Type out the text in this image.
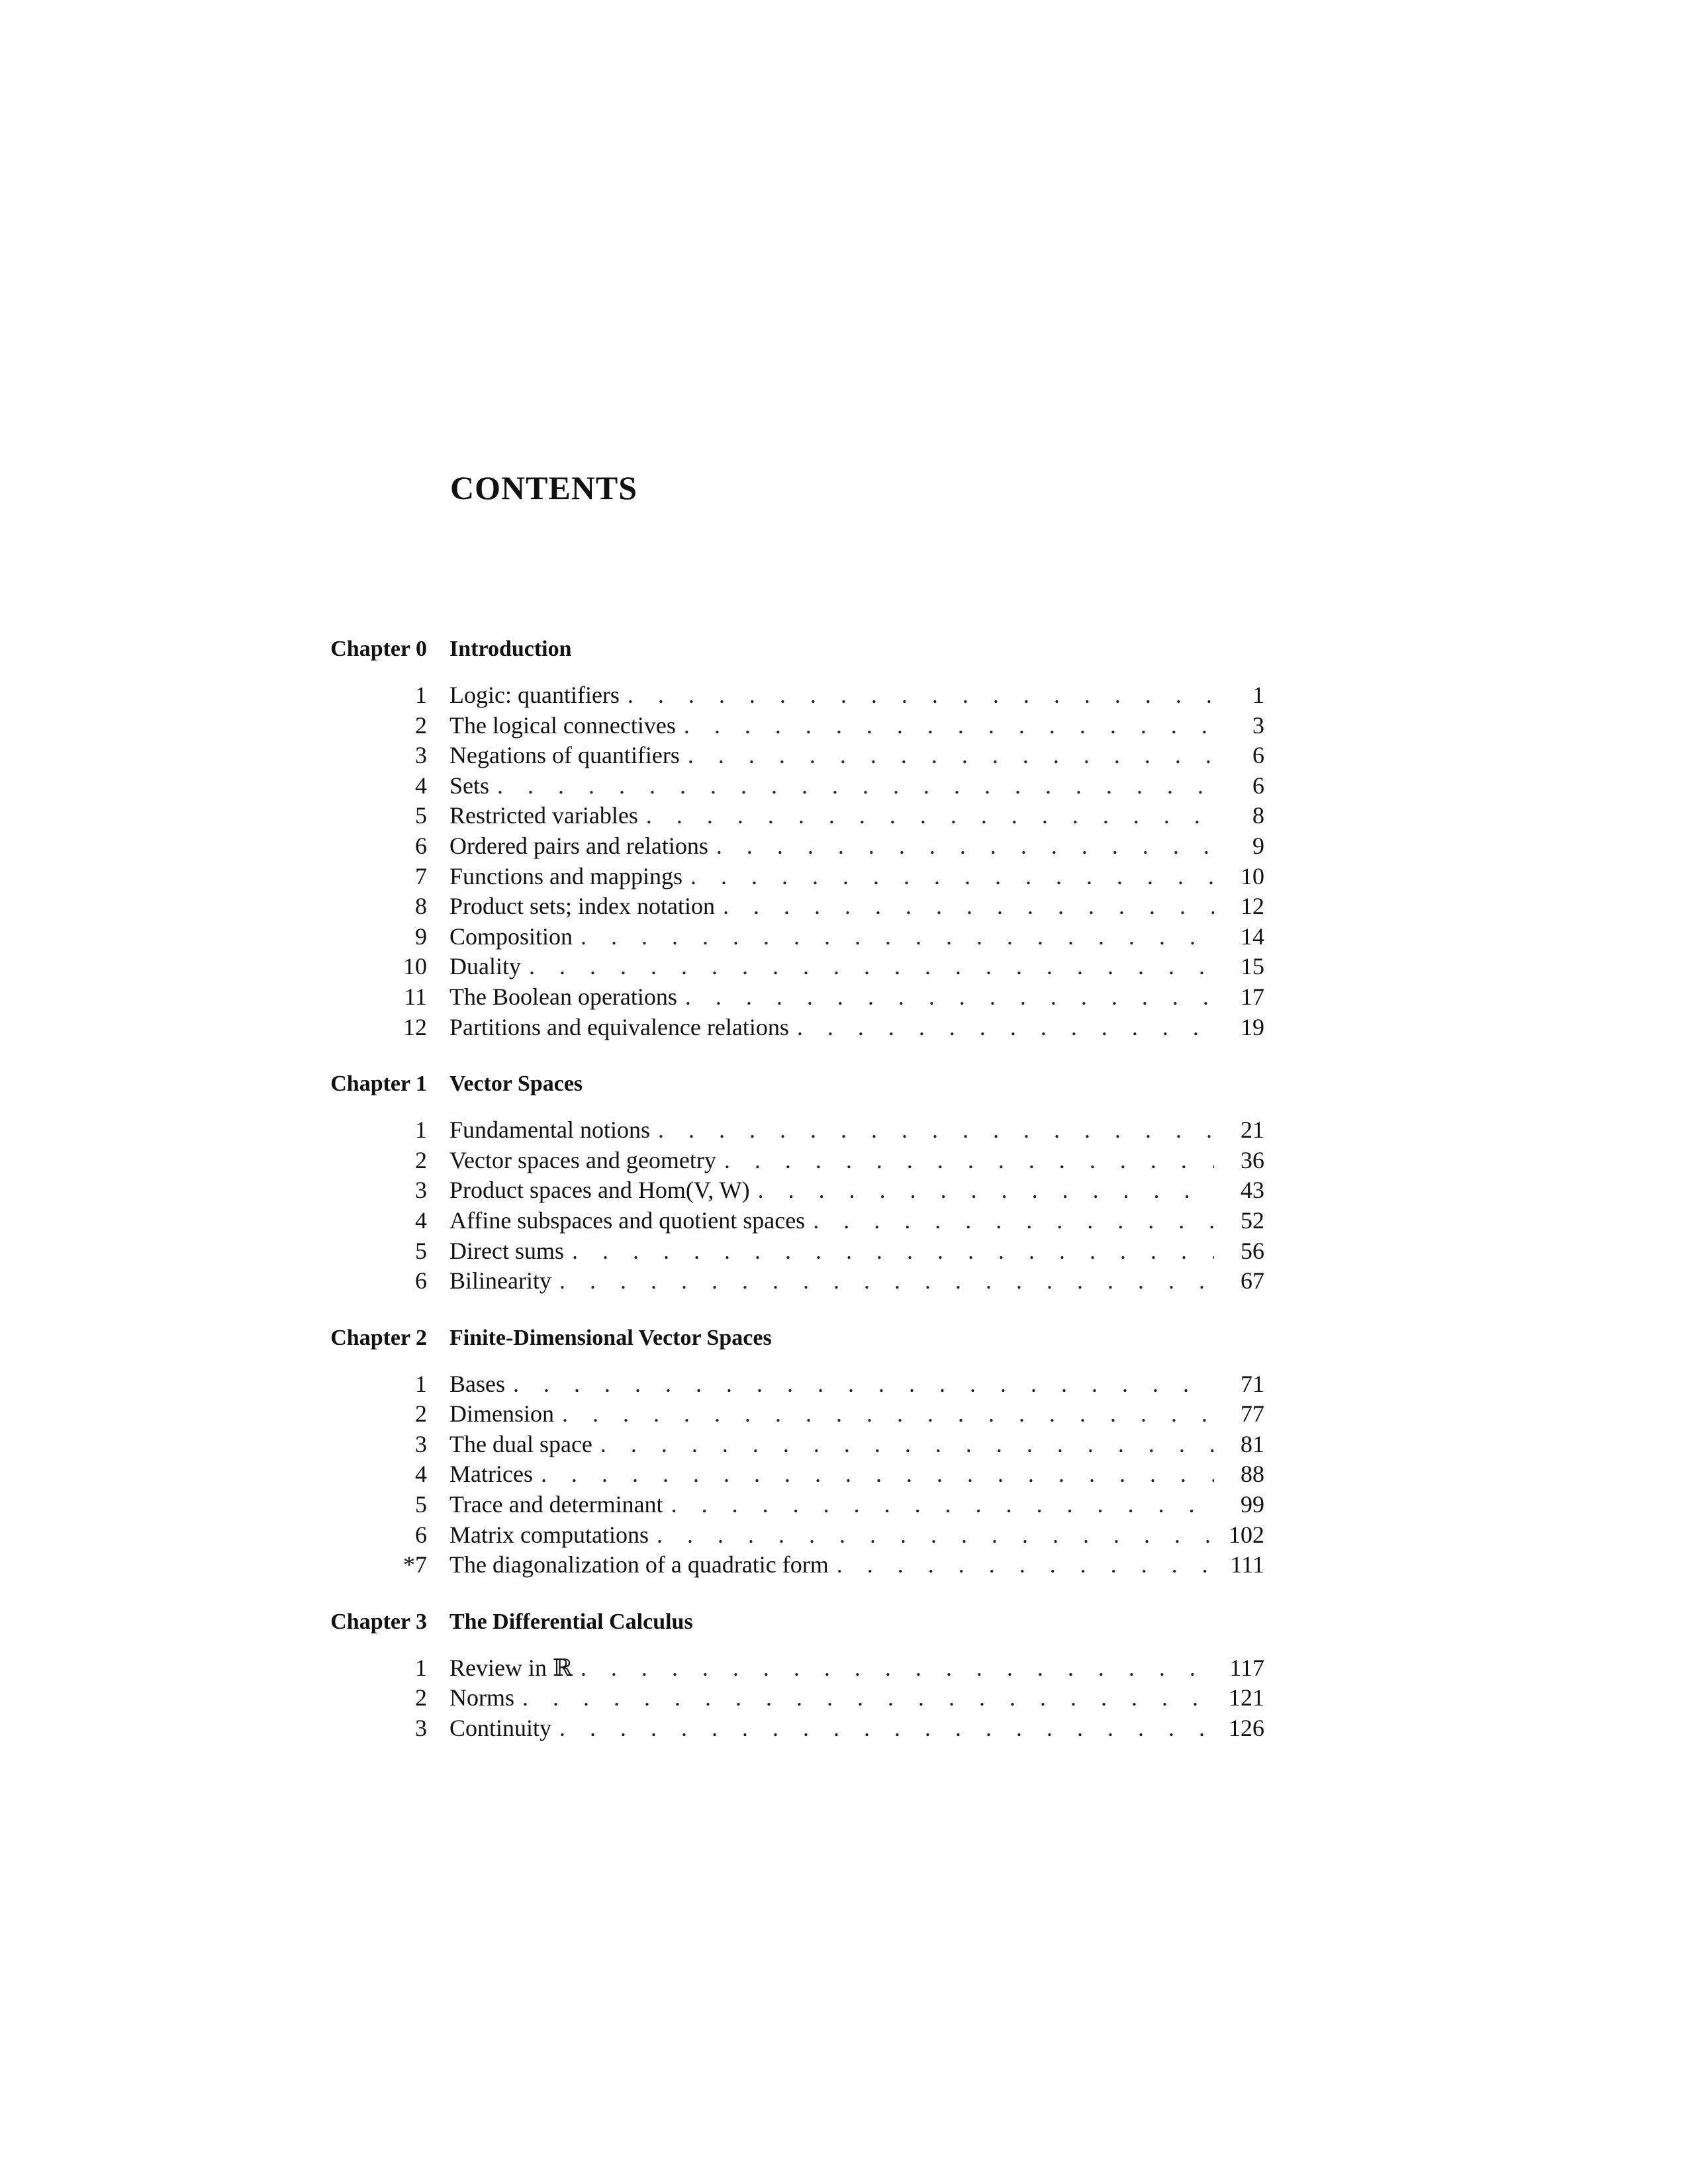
CONTENTS
Chapter 0 Introduction
1 Logic: quantifiers . . .	1
2 The logical connectives . . .	3
3 Negations of quantifiers . . .	6
4 Sets . . .	6
5 Restricted variables . . .	8
6 Ordered pairs and relations . . .	9
7 Functions and mappings . . .	10
8 Product sets; index notation . . .	12
9 Composition . . .	14
10 Duality . . .	15
11 The Boolean operations . . .	17
12 Partitions and equivalence relations . . .	19
Chapter 1 Vector Spaces
1 Fundamental notions . . .	21
2 Vector spaces and geometry . . .	36
3 Product spaces and Hom(V, W) . . .	43
4 Affine subspaces and quotient spaces . . .	52
5 Direct sums . . .	56
6 Bilinearity . . .	67
Chapter 2 Finite-Dimensional Vector Spaces
1 Bases . . .	71
2 Dimension . . .	77
3 The dual space . . .	81
4 Matrices . . .	88
5 Trace and determinant . . .	99
6 Matrix computations . . .	102
*7 The diagonalization of a quadratic form . . .	111
Chapter 3 The Differential Calculus
1 Review in ℝ . . .	117
2 Norms . . .	121
3 Continuity . . .	126
